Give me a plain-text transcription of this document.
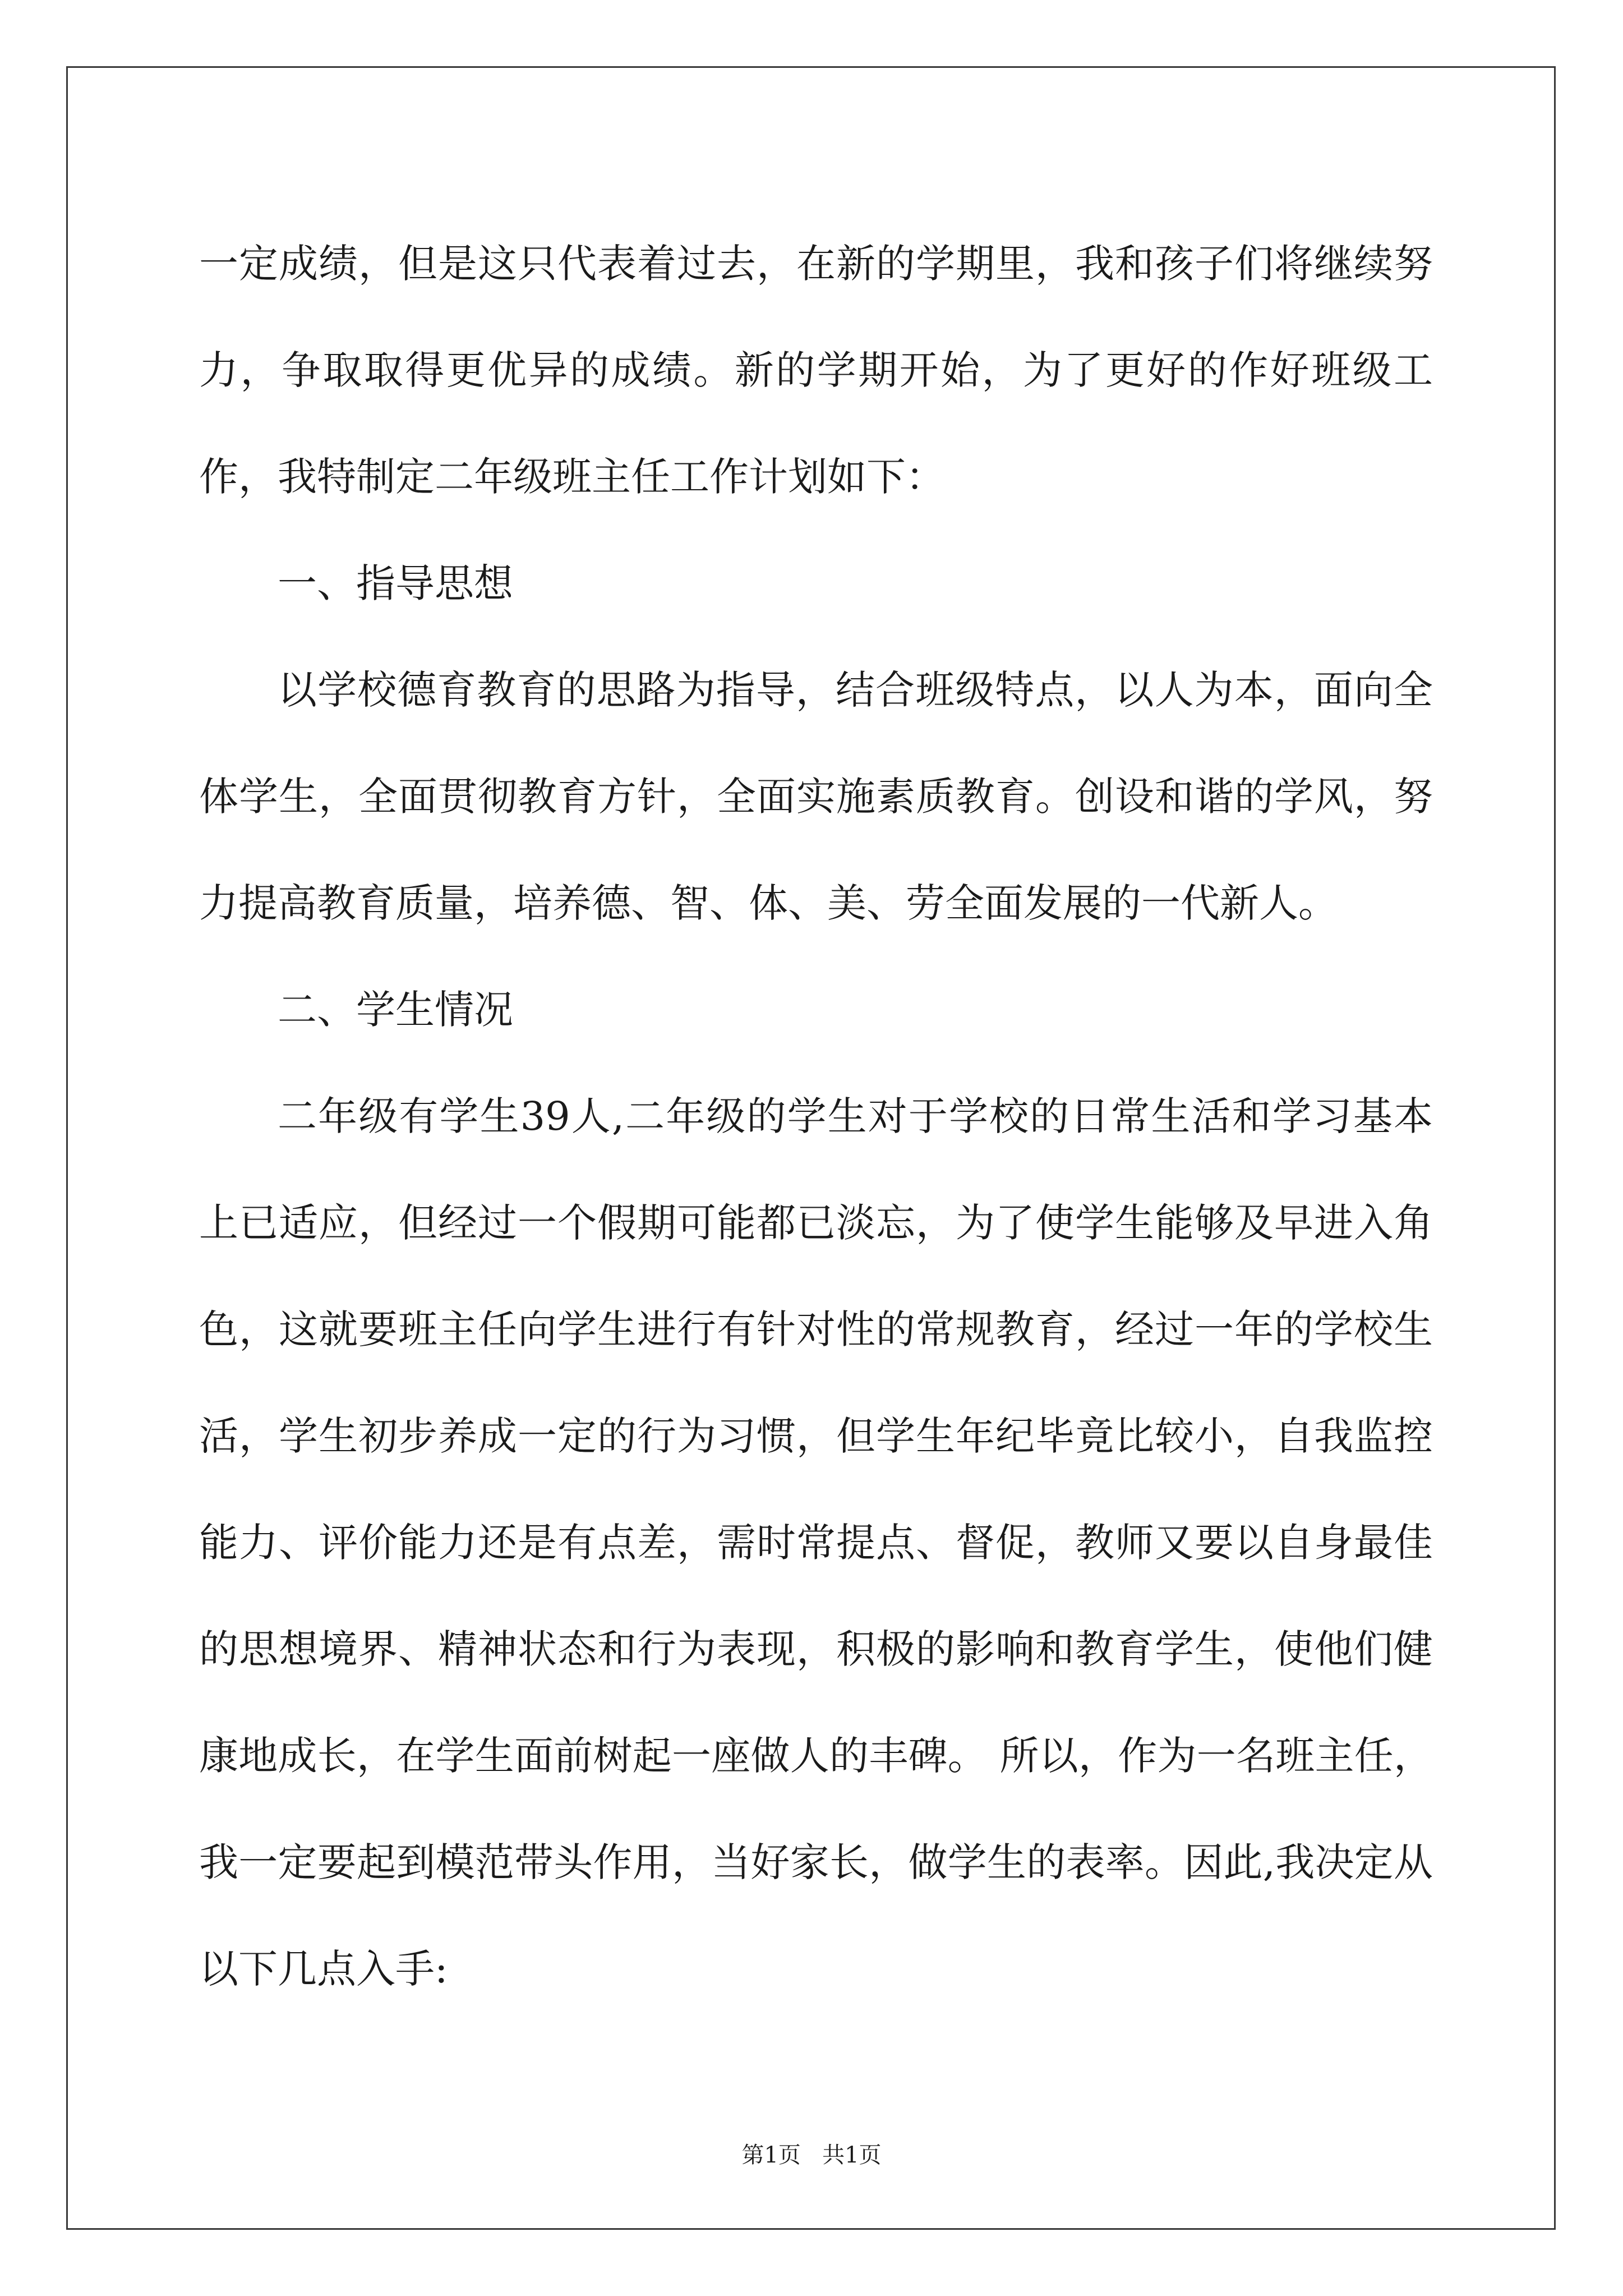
一定成绩，但是这只代表着过去，在新的学期里，我和孩子们将继续努力，争取取得更优异的成绩。新的学期开始，为了更好的作好班级工作，我特制定二年级班主任工作计划如下：

一、指导思想

以学校德育教育的思路为指导，结合班级特点，以人为本，面向全体学生，全面贯彻教育方针，全面实施素质教育。创设和谐的学风，努力提高教育质量，培养德、智、体、美、劳全面发展的一代新人。

二、学生情况

二年级有学生39人,二年级的学生对于学校的日常生活和学习基本上已适应，但经过一个假期可能都已淡忘，为了使学生能够及早进入角色，这就要班主任向学生进行有针对性的常规教育，经过一年的学校生活，学生初步养成一定的行为习惯，但学生年纪毕竟比较小，自我监控能力、评价能力还是有点差，需时常提点、督促，教师又要以自身最佳的思想境界、精神状态和行为表现，积极的影响和教育学生，使他们健康地成长，在学生面前树起一座做人的丰碑。 所以，作为一名班主任，我一定要起到模范带头作用，当好家长，做学生的表率。因此,我决定从以下几点入手:

第1页 共1页
